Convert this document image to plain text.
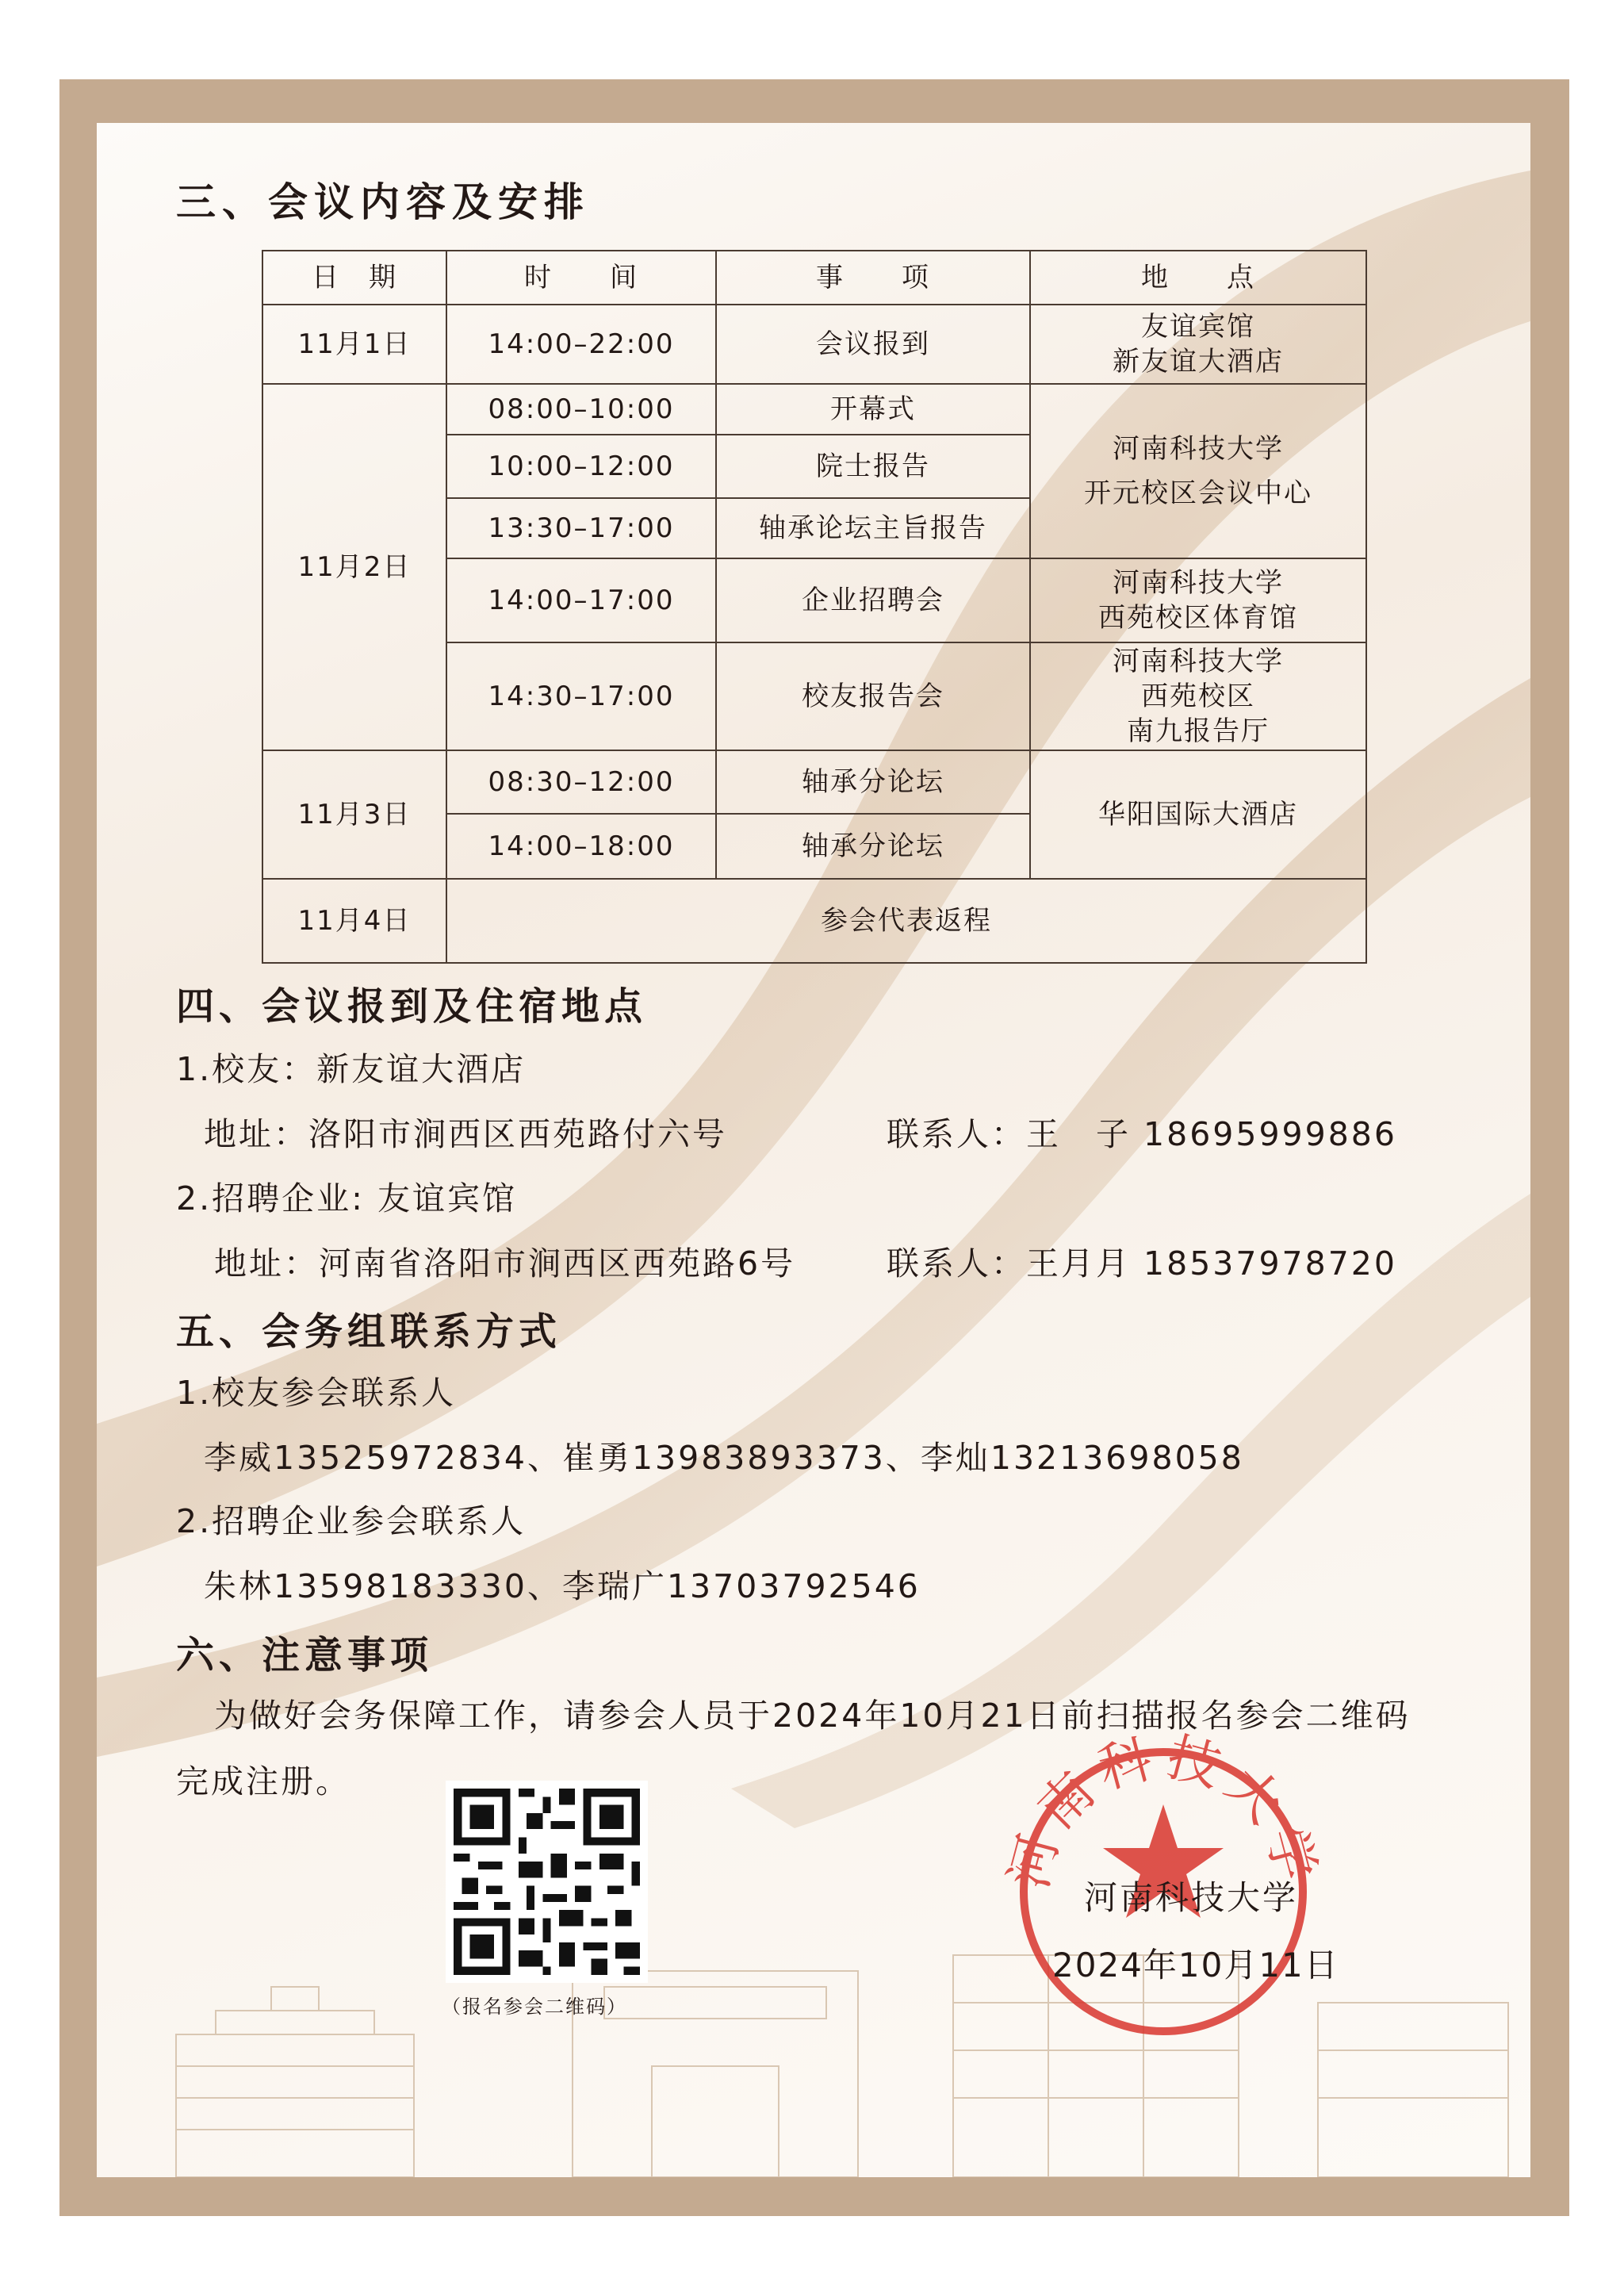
三、会议内容及安排
日　期	时　　间	事　　项	地　　点
11月1日	14:00–22:00	会议报到	友谊宾馆
新友谊大酒店

11月2日	08:00–10:00	开幕式	河南科技大学
开元校区会议中心

	10:00–12:00	院士报告	
	13:30–17:00	轴承论坛主旨报告	
	14:00–17:00	企业招聘会	河南科技大学
西苑校区体育馆

	14:30–17:00	校友报告会	河南科技大学
西苑校区
南九报告厅

11月3日	08:30–12:00	轴承分论坛	华阳国际大酒店
	14:00–18:00	轴承分论坛	
11月4日	参会代表返程		
四、会议报到及住宿地点
1.校友：新友谊大酒店
地址：洛阳市涧西区西苑路付六号	联系人：王　子 18695999886
2.招聘企业: 友谊宾馆
地址：河南省洛阳市涧西区西苑路6号	联系人：王月月 18537978720
五、会务组联系方式
1.校友参会联系人
李威13525972834、崔勇13983893373、李灿13213698058
2.招聘企业参会联系人
朱林13598183330、李瑞广13703792546
六、注意事项
为做好会务保障工作，请参会人员于2024年10月21日前扫描报名参会二维码
完成注册。
（报名参会二维码）
河南科技大学
河南科技大学
2024年10月11日
